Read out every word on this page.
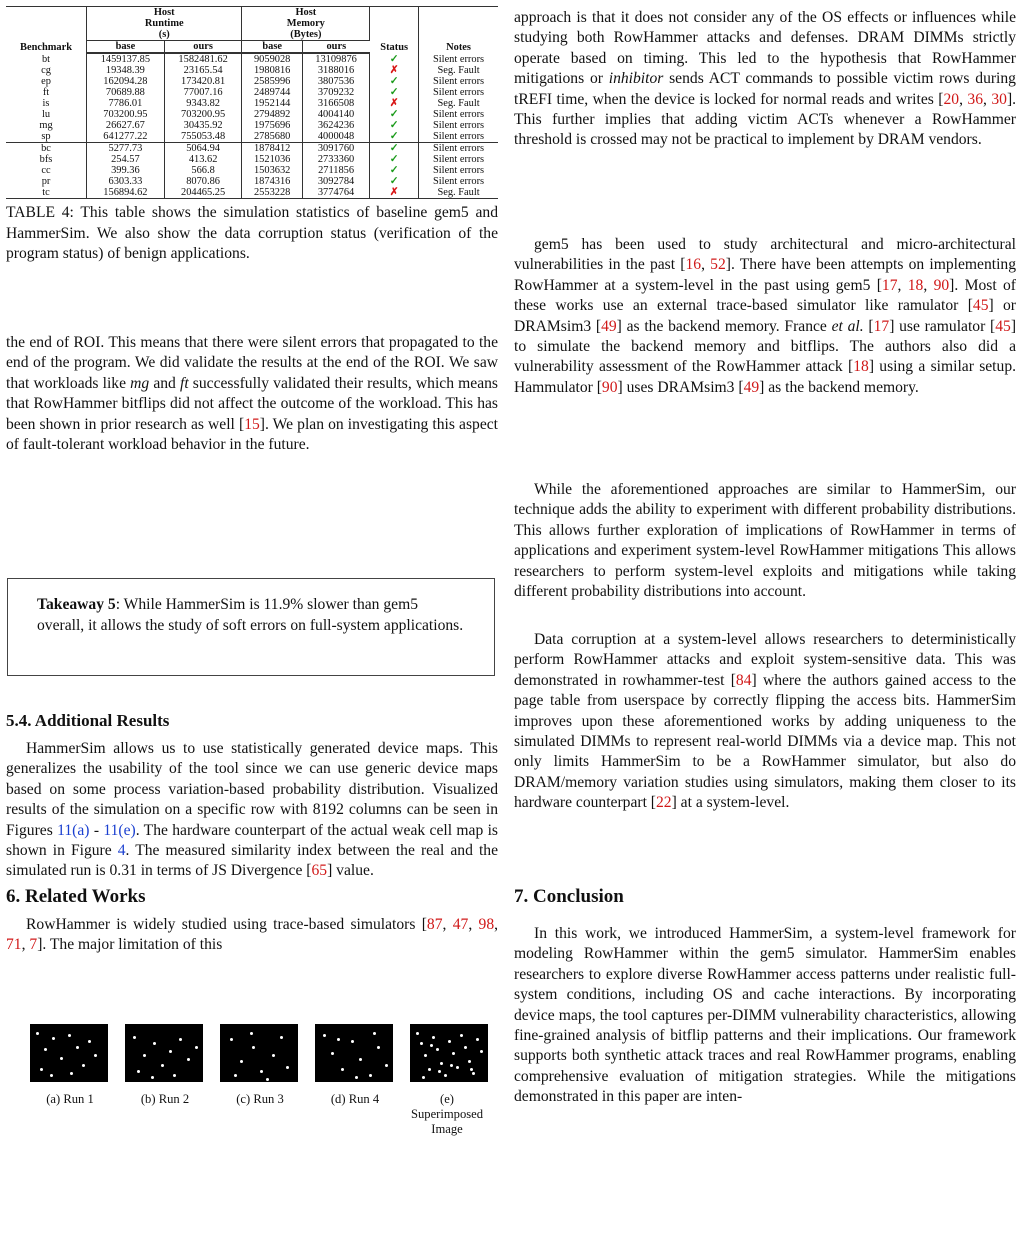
Benchmark	Host
Runtime
(s)		Host
Memory
(Bytes)		Status	Notes
	base	ours	base	ours		
bt	1459137.85	1582481.62	9059028	13109876	✓	Silent errors
cg	19348.39	23165.54	1980816	3188016	✗	Seg. Fault
ep	162094.28	173420.81	2585996	3807536	✓	Silent errors
ft	70689.88	77007.16	2489744	3709232	✓	Silent errors
is	7786.01	9343.82	1952144	3166508	✗	Seg. Fault
lu	703200.95	703200.95	2794892	4004140	✓	Silent errors
mg	26627.67	30435.92	1975696	3624236	✓	Silent errors
sp	641277.22	755053.48	2785680	4000048	✓	Silent errors
bc	5277.73	5064.94	1878412	3091760	✓	Silent errors
bfs	254.57	413.62	1521036	2733360	✓	Silent errors
cc	399.36	566.8	1503632	2711856	✓	Silent errors
pr	6303.33	8070.86	1874316	3092784	✓	Silent errors
tc	156894.62	204465.25	2553228	3774764	✗	Seg. Fault
TABLE 4: This table shows the simulation statistics of baseline gem5 and HammerSim. We also show the data corruption status (verification of the program status) of benign applications.

the end of ROI. This means that there were silent errors that propagated to the end of the program. We did validate the results at the end of the ROI. We saw that workloads like mg and ft successfully validated their results, which means that RowHammer bitflips did not affect the outcome of the workload. This has been shown in prior research as well [15]. We plan on investigating this aspect of fault-tolerant workload behavior in the future.

Takeaway 5: While HammerSim is 11.9% slower than gem5 overall, it allows the study of soft errors on full-system applications.

5.4. Additional Results

HammerSim allows us to use statistically generated device maps. This generalizes the usability of the tool since we can use generic device maps based on some process variation-based probability distribution. Visualized results of the simulation on a specific row with 8192 columns can be seen in Figures 11(a) - 11(e). The hardware counterpart of the actual weak cell map is shown in Figure 4. The measured similarity index between the real and the simulated run is 0.31 in terms of JS Divergence [65] value.

6. Related Works

RowHammer is widely studied using trace-based simulators [87, 47, 98, 71, 7]. The major limitation of this

(a) Run 1	(b) Run 2	(c) Run 3	(d) Run 4	(e) Superimposed Image

approach is that it does not consider any of the OS effects or influences while studying both RowHammer attacks and defenses. DRAM DIMMs strictly operate based on timing. This led to the hypothesis that RowHammer mitigations or inhibitor sends ACT commands to possible victim rows during tREFI time, when the device is locked for normal reads and writes [20, 36, 30]. This further implies that adding victim ACTs whenever a RowHammer threshold is crossed may not be practical to implement by DRAM vendors.

gem5 has been used to study architectural and micro-architectural vulnerabilities in the past [16, 52]. There have been attempts on implementing RowHammer at a system-level in the past using gem5 [17, 18, 90]. Most of these works use an external trace-based simulator like ramulator [45] or DRAMsim3 [49] as the backend memory. France et al. [17] use ramulator [45] to simulate the backend memory and bitflips. The authors also did a vulnerability assessment of the RowHammer attack [18] using a similar setup. Hammulator [90] uses DRAMsim3 [49] as the backend memory.

While the aforementioned approaches are similar to HammerSim, our technique adds the ability to experiment with different probability distributions. This allows further exploration of implications of RowHammer in terms of applications and experiment system-level RowHammer mitigations This allows researchers to perform system-level exploits and mitigations while taking different probability distributions into account.

Data corruption at a system-level allows researchers to deterministically perform RowHammer attacks and exploit system-sensitive data. This was demonstrated in rowhammer-test [84] where the authors gained access to the page table from userspace by correctly flipping the access bits. HammerSim improves upon these aforementioned works by adding uniqueness to the simulated DIMMs to represent real-world DIMMs via a device map. This not only limits HammerSim to be a RowHammer simulator, but also do DRAM/memory variation studies using simulators, making them closer to its hardware counterpart [22] at a system-level.

7. Conclusion

In this work, we introduced HammerSim, a system-level framework for modeling RowHammer within the gem5 simulator. HammerSim enables researchers to explore diverse RowHammer access patterns under realistic full-system conditions, including OS and cache interactions. By incorporating device maps, the tool captures per-DIMM vulnerability characteristics, allowing fine-grained analysis of bitflip patterns and their implications. Our framework supports both synthetic attack traces and real RowHammer programs, enabling comprehensive evaluation of mitigation strategies. While the mitigations demonstrated in this paper are inten-
